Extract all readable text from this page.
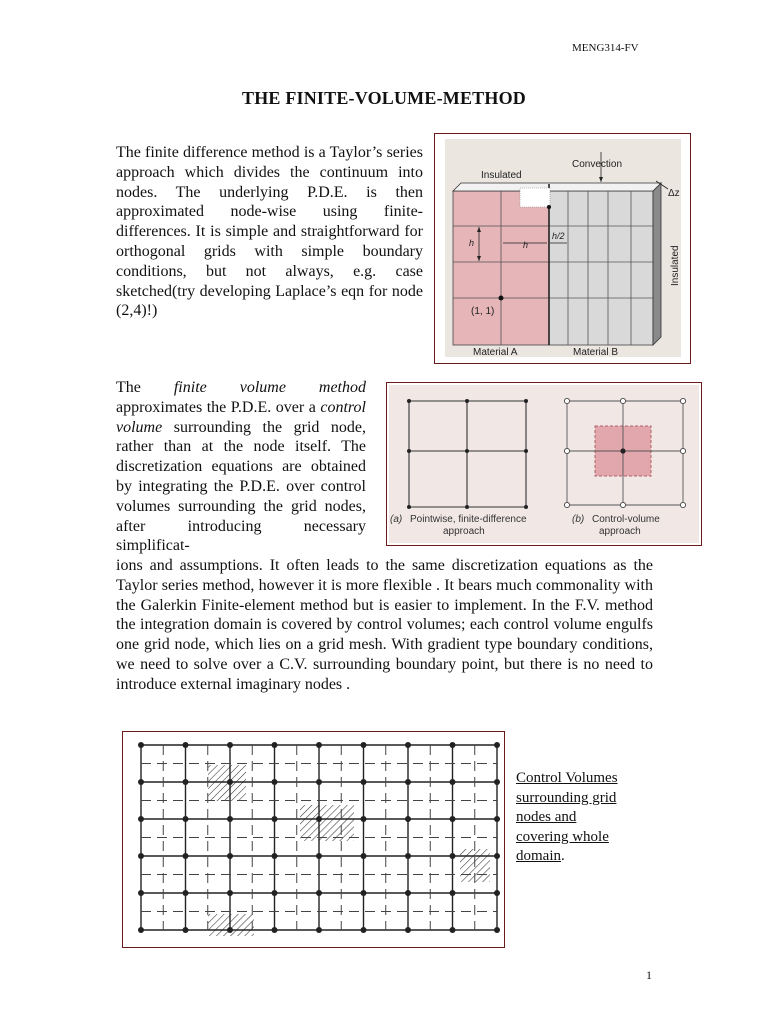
MENG314-FV
THE FINITE-VOLUME-METHOD
The finite difference method is a Taylor’s series approach which divides the continuum into nodes. The underlying P.D.E. is then approximated node-wise using finite-differences. It is simple and straightforward for orthogonal grids with simple boundary conditions, but not always, e.g. case sketched(try developing Laplace’s eqn for node (2,4)!)
Convection
Insulated
Δz
h	h
h/2
(1, 1)
Material A	Material B
Insulated
The finite volume method approximates the P.D.E. over a control volume surrounding the grid node, rather than at the node itself. The discretization equations are obtained by integrating the P.D.E. over control volumes surrounding the grid nodes, after introducing necessary simplificat-
(a) Pointwise, finite-difference
approach
(b) Control-volume
approach
ions and assumptions. It often leads to the same discretization equations as the Taylor series method, however it is more flexible . It bears much commonality with the Galerkin Finite-element method but is easier to implement. In the F.V. method the integration domain is covered by control volumes; each control volume engulfs one grid node, which lies on a grid mesh. With gradient type boundary conditions, we need to solve over a C.V. surrounding boundary point, but there is no need to introduce external imaginary nodes .
Control Volumes
surrounding grid
nodes and
covering whole
domain.
1
